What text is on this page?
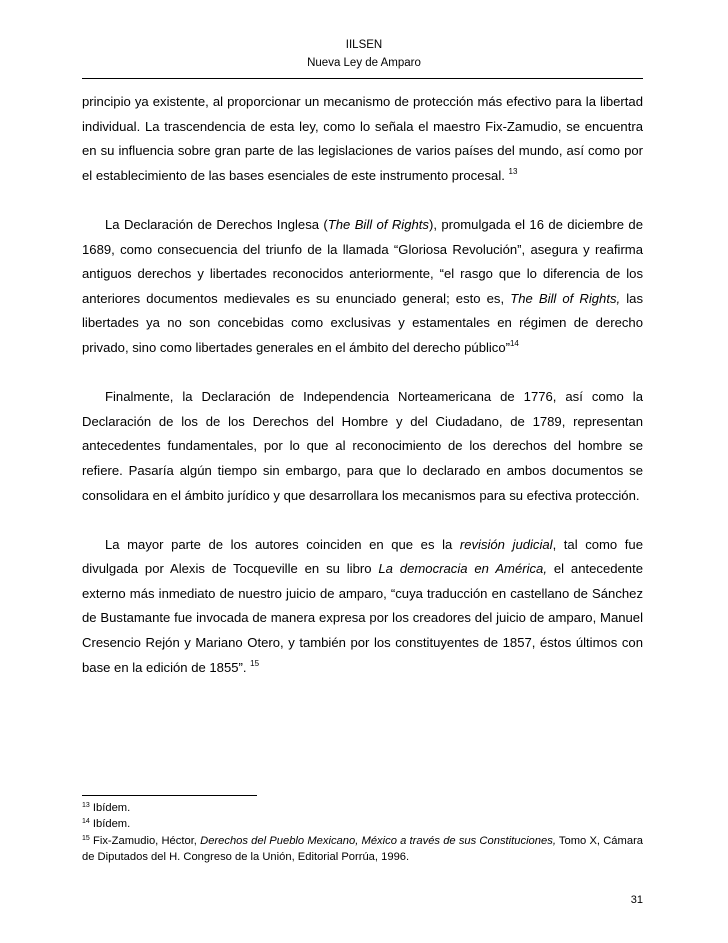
IILSEN
Nueva Ley de Amparo

principio ya existente, al proporcionar un mecanismo de protección más efectivo para la libertad individual. La trascendencia de esta ley, como lo señala el maestro Fix-Zamudio, se encuentra en su influencia sobre gran parte de las legislaciones de varios países del mundo, así como por el establecimiento de las bases esenciales de este instrumento procesal. $^{13}$

La Declaración de Derechos Inglesa (The Bill of Rights), promulgada el 16 de diciembre de 1689, como consecuencia del triunfo de la llamada “Gloriosa Revolución”, asegura y reafirma antiguos derechos y libertades reconocidos anteriormente, “el rasgo que lo diferencia de los anteriores documentos medievales es su enunciado general; esto es, The Bill of Rights, las libertades ya no son concebidas como exclusivas y estamentales en régimen de derecho privado, sino como libertades generales en el ámbito del derecho público”$^{14}$

Finalmente, la Declaración de Independencia Norteamericana de 1776, así como la Declaración de los de los Derechos del Hombre y del Ciudadano, de 1789, representan antecedentes fundamentales, por lo que al reconocimiento de los derechos del hombre se refiere. Pasaría algún tiempo sin embargo, para que lo declarado en ambos documentos se consolidara en el ámbito jurídico y que desarrollara los mecanismos para su efectiva protección.

La mayor parte de los autores coinciden en que es la revisión judicial, tal como fue divulgada por Alexis de Tocqueville en su libro La democracia en América, el antecedente externo más inmediato de nuestro juicio de amparo, “cuya traducción en castellano de Sánchez de Bustamante fue invocada de manera expresa por los creadores del juicio de amparo, Manuel Cresencio Rejón y Mariano Otero, y también por los constituyentes de 1857, éstos últimos con base en la edición de 1855”. $^{15}$

$^{13}$ Ibídem.

$^{14}$ Ibídem.

$^{15}$ Fix-Zamudio, Héctor, Derechos del Pueblo Mexicano, México a través de sus Constituciones, Tomo X, Cámara de Diputados del H. Congreso de la Unión, Editorial Porrúa, 1996.

31
